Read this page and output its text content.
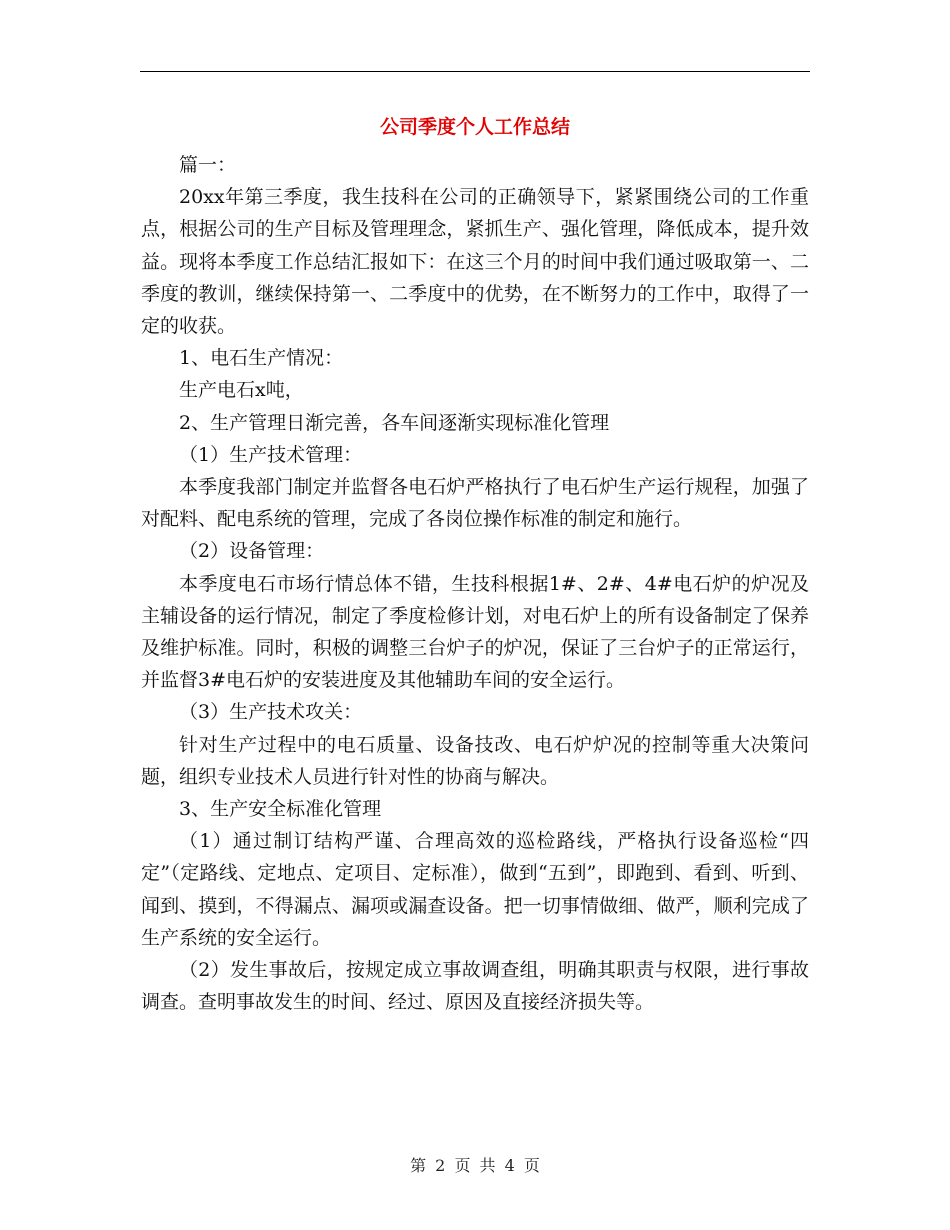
公司季度个人工作总结

篇一：

20xx年第三季度，我生技科在公司的正确领导下，紧紧围绕公司的工作重点，根据公司的生产目标及管理理念，紧抓生产、强化管理，降低成本，提升效益。现将本季度工作总结汇报如下：在这三个月的时间中我们通过吸取第一、二季度的教训，继续保持第一、二季度中的优势，在不断努力的工作中，取得了一定的收获。

1、电石生产情况：

生产电石x吨，

2、生产管理日渐完善，各车间逐渐实现标准化管理

（1）生产技术管理：

本季度我部门制定并监督各电石炉严格执行了电石炉生产运行规程，加强了对配料、配电系统的管理，完成了各岗位操作标准的制定和施行。

（2）设备管理：

本季度电石市场行情总体不错，生技科根据1#、2#、4#电石炉的炉况及主辅设备的运行情况，制定了季度检修计划，对电石炉上的所有设备制定了保养及维护标准。同时，积极的调整三台炉子的炉况，保证了三台炉子的正常运行，并监督3#电石炉的安装进度及其他辅助车间的安全运行。

（3）生产技术攻关：

针对生产过程中的电石质量、设备技改、电石炉炉况的控制等重大决策问题，组织专业技术人员进行针对性的协商与解决。

3、生产安全标准化管理

（1）通过制订结构严谨、合理高效的巡检路线，严格执行设备巡检“四定”（定路线、定地点、定项目、定标准），做到“五到”，即跑到、看到、听到、闻到、摸到，不得漏点、漏项或漏查设备。把一切事情做细、做严，顺利完成了生产系统的安全运行。

（2）发生事故后，按规定成立事故调查组，明确其职责与权限，进行事故调查。查明事故发生的时间、经过、原因及直接经济损失等。

第 2 页 共 4 页
